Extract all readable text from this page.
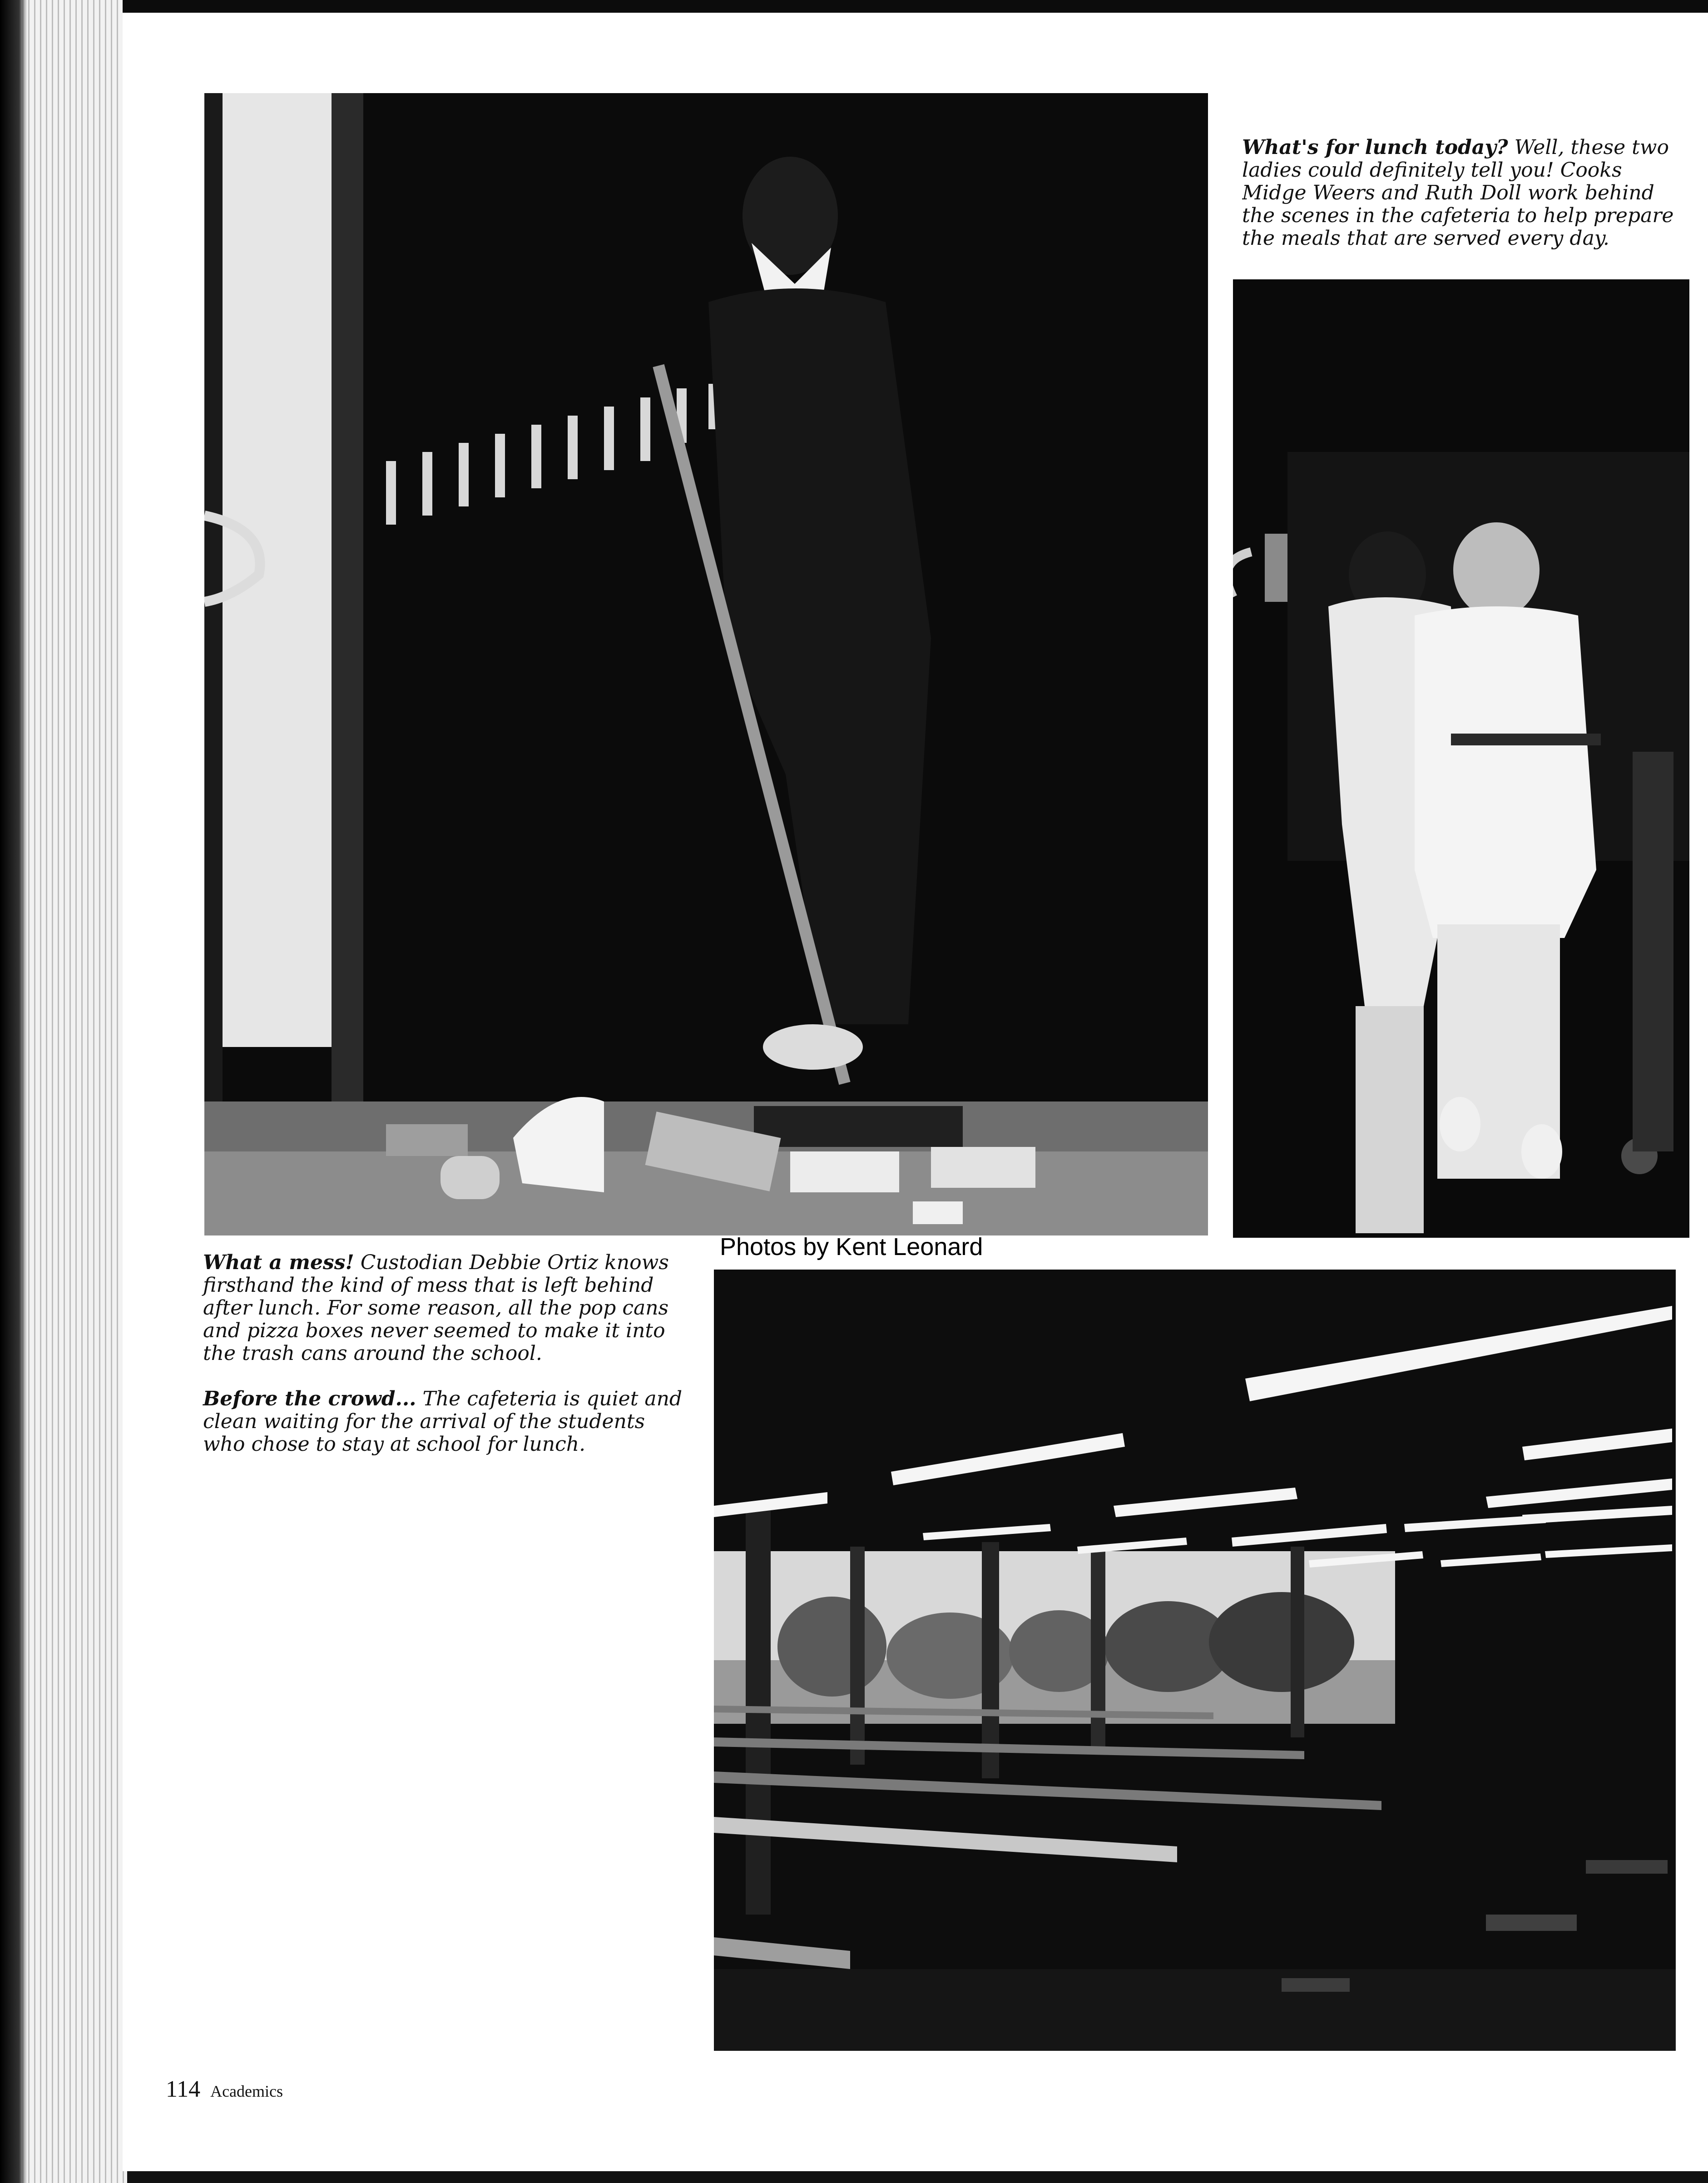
What's for lunch today? Well, these two ladies could definitely tell you! Cooks Midge Weers and Ruth Doll work behind the scenes in the cafeteria to help prepare the meals that are served every day.

What a mess! Custodian Debbie Ortiz knows firsthand the kind of mess that is left behind after lunch. For some reason, all the pop cans and pizza boxes never seemed to make it into the trash cans around the school.

Before the crowd... The cafeteria is quiet and clean waiting for the arrival of the students who chose to stay at school for lunch.

Photos by Kent Leonard
114 Academics
